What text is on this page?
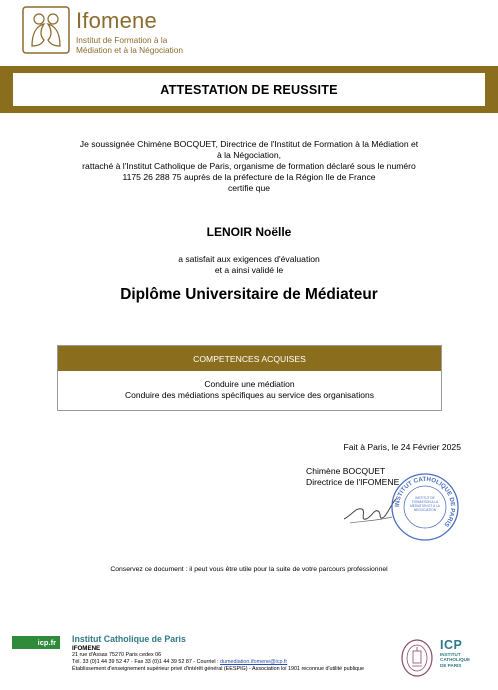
Ifomene
Institut de Formation à la
Médiation et à la Négociation
ATTESTATION DE REUSSITE
Je soussignée Chimène BOCQUET, Directrice de l'Institut de Formation à la Médiation et
à la Négociation,
rattaché à l'Institut Catholique de Paris, organisme de formation déclaré sous le numéro
1175 26 288 75 auprès de la préfecture de la Région Ile de France
certifie que
LENOIR Noëlle
a satisfait aux exigences d'évaluation
et a ainsi validé le
Diplôme Universitaire de Médiateur
COMPETENCES ACQUISES
Conduire une médiation
Conduire des médiations spécifiques au service des organisations
Fait à Paris, le 24 Février 2025
Chimène BOCQUET
Directrice de l'IFOMENE
INSTITUT CATHOLIQUE DE PARIS
INSTITUT DE FORMATION A LA MEDIATION ET A LA NEGOCIATION
Conservez ce document : il peut vous être utile pour la suite de votre parcours professionnel
icp.fr	Institut Catholique de Paris
IFOMENE
21 rue d'Assas 75270 Paris cedex 06
Tél. 33 (0)1 44 39 52 47 - Fax 33 (0)1 44 39 52 87 - Courriel : dumediation.ifomene@icp.fr
Établissement d'enseignement supérieur privé d'intérêt général (EESPIG) - Association loi 1901 reconnue d'utilité publique
ICP
INSTITUT
CATHOLIQUE
DE PARIS
